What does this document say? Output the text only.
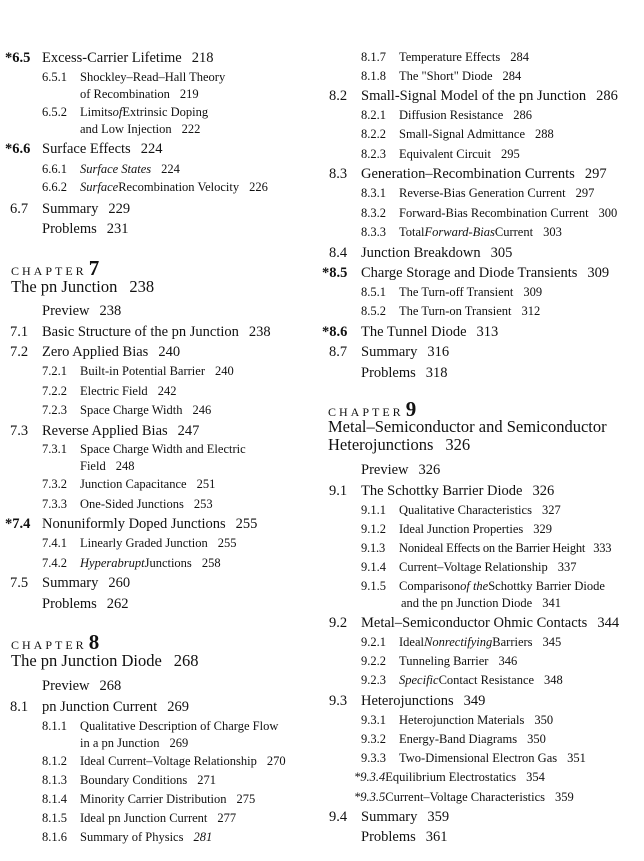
*6.5 Excess-Carrier Lifetime 218
6.5.1 Shockley–Read–Hall Theory
of Recombination 219
6.5.2 LimitsofExtrinsic Doping
and Low Injection 222
*6.6 Surface Effects 224
6.6.1 Surface States 224
6.6.2 SurfaceRecombination Velocity 226
6.7 Summary 229
Problems 231
CHAPTER7
The pn Junction 238
Preview 238
7.1 Basic Structure of the pn Junction 238
7.2 Zero Applied Bias 240
7.2.1 Built-in Potential Barrier 240
7.2.2 Electric Field 242
7.2.3 Space Charge Width 246
7.3 Reverse Applied Bias 247
7.3.1 Space Charge Width and Electric
Field 248
7.3.2 Junction Capacitance 251
7.3.3 One-Sided Junctions 253
*7.4 Nonuniformly Doped Junctions 255
7.4.1 Linearly Graded Junction 255
7.4.2 HyperabruptJunctions 258
7.5 Summary 260
Problems 262
CHAPTER8
The pn Junction Diode 268
Preview 268
8.1 pn Junction Current 269
8.1.1 Qualitative Description of Charge Flow
in a pn Junction 269
8.1.2 Ideal Current–Voltage Relationship 270
8.1.3 Boundary Conditions 271
8.1.4 Minority Carrier Distribution 275
8.1.5 Ideal pn Junction Current 277
8.1.6 Summary of Physics 281
8.1.7 Temperature Effects 284
8.1.8 The "Short" Diode 284
8.2 Small-Signal Model of the pn Junction 286
8.2.1 Diffusion Resistance 286
8.2.2 Small-Signal Admittance 288
8.2.3 Equivalent Circuit 295
8.3 Generation–Recombination Currents 297
8.3.1 Reverse-Bias Generation Current 297
8.3.2 Forward-Bias Recombination Current 300
8.3.3 TotalForward-BiasCurrent 303
8.4 Junction Breakdown 305
*8.5 Charge Storage and Diode Transients 309
8.5.1 The Turn-off Transient 309
8.5.2 The Turn-on Transient 312
*8.6 The Tunnel Diode 313
8.7 Summary 316
Problems 318
CHAPTER9
Metal–Semiconductor and Semiconductor
Heterojunctions 326
Preview 326
9.1 The Schottky Barrier Diode 326
9.1.1 Qualitative Characteristics 327
9.1.2 Ideal Junction Properties 329
9.1.3 Nonideal Effects on the Barrier Height 333
9.1.4 Current–Voltage Relationship 337
9.1.5 Comparisonof theSchottky Barrier Diode
and the pn Junction Diode 341
9.2 Metal–Semiconductor Ohmic Contacts 344
9.2.1 IdealNonrectifyingBarriers 345
9.2.2 Tunneling Barrier 346
9.2.3 SpecificContact Resistance 348
9.3 Heterojunctions 349
9.3.1 Heterojunction Materials 350
9.3.2 Energy-Band Diagrams 350
9.3.3 Two-Dimensional Electron Gas 351
*9.3.4Equilibrium Electrostatics 354
*9.3.5Current–Voltage Characteristics 359
9.4 Summary 359
Problems 361
